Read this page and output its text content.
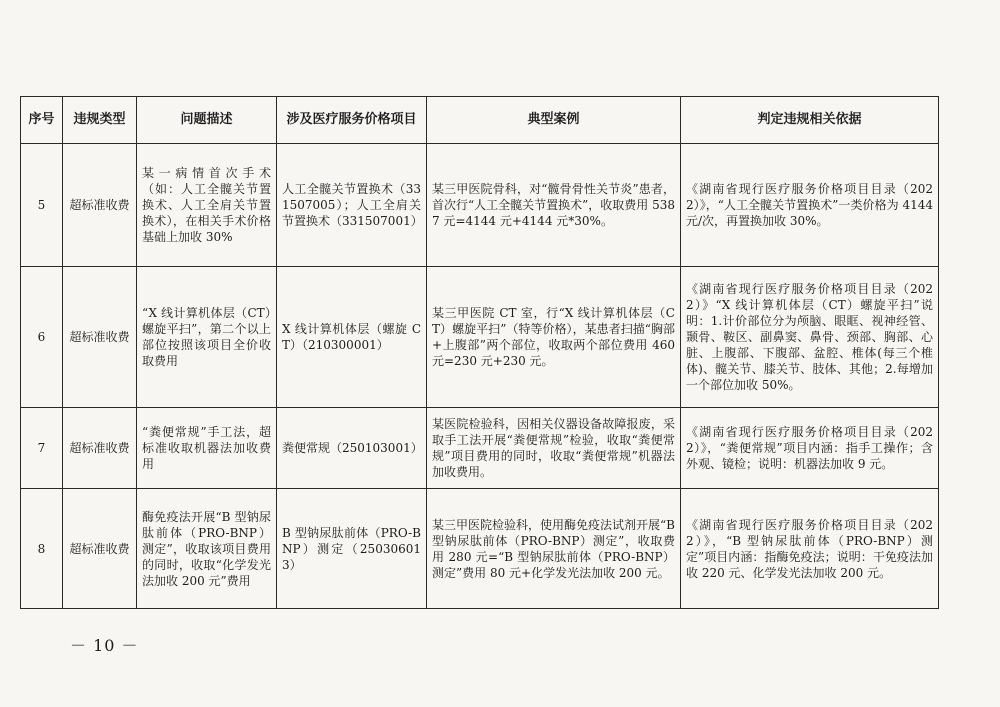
序号	违规类型	问题描述	涉及医疗服务价格项目	典型案例	判定违规相关依据
5	超标准收费	某一病情首次手术（如：人工全髋关节置换术、人工全肩关节置换术），在相关手术价格基础上加收 30%	人工全髋关节置换术（331507005）；人工全肩关节置换术（331507001）	某三甲医院骨科，对“髋骨骨性关节炎”患者，首次行“人工全髋关节置换术”，收取费用 5387 元=4144 元+4144 元*30%。	《湖南省现行医疗服务价格项目目录（2022）》，“人工全髋关节置换术”一类价格为 4144 元/次，再置换加收 30%。
6	超标准收费	“X 线计算机体层（CT）螺旋平扫”，第二个以上部位按照该项目全价收取费用	X 线计算机体层（螺旋 CT）（210300001）	某三甲医院 CT 室，行“X 线计算机体层（CT）螺旋平扫”（特等价格），某患者扫描“胸部+上腹部”两个部位，收取两个部位费用 460 元=230 元+230 元。	《湖南省现行医疗服务价格项目目录（2022）》“X 线计算机体层（CT）螺旋平扫”说明：1.计价部位分为颅脑、眼眶、视神经管、颞骨、鞍区、副鼻窦、鼻骨、颈部、胸部、心脏、上腹部、下腹部、盆腔、椎体(每三个椎体)、髋关节、膝关节、肢体、其他；2.每增加一个部位加收 50%。
7	超标准收费	“粪便常规”手工法，超标准收取机器法加收费用	粪便常规（250103001）	某医院检验科，因相关仪器设备故障报废，采取手工法开展“粪便常规”检验，收取“粪便常规”项目费用的同时，收取“粪便常规”机器法加收费用。	《湖南省现行医疗服务价格项目目录（2022）》，“粪便常规”项目内涵：指手工操作；含外观、镜检；说明：机器法加收 9 元。
8	超标准收费	酶免疫法开展“B 型钠尿肽前体（PRO-BNP）测定”，收取该项目费用的同时，收取“化学发光法加收 200 元”费用	B 型钠尿肽前体（PRO-BNP）测定（250306013）	某三甲医院检验科，使用酶免疫法试剂开展“B 型钠尿肽前体（PRO-BNP）测定”，收取费用 280 元=“B 型钠尿肽前体（PRO-BNP）测定”费用 80 元+化学发光法加收 200 元。	《湖南省现行医疗服务价格项目目录（2022）》，“B 型钠尿肽前体（PRO-BNP）测定”项目内涵：指酶免疫法；说明：干免疫法加收 220 元、化学发光法加收 200 元。
－ 10 －
